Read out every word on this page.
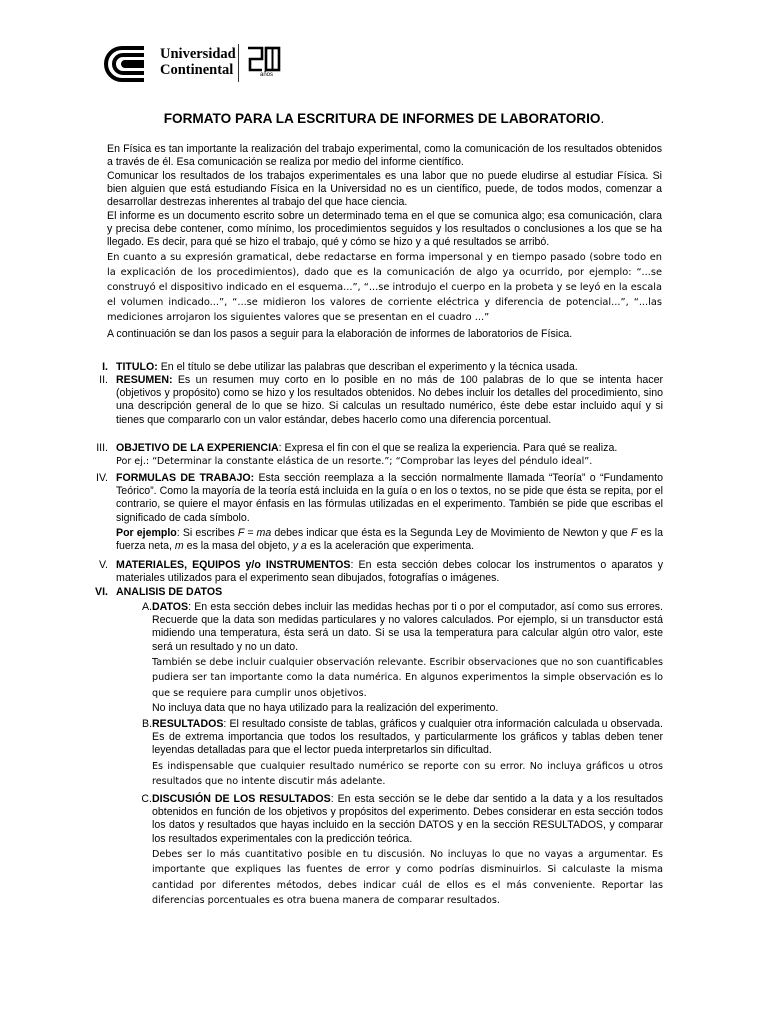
Universidad
Continental	años
FORMATO PARA LA ESCRITURA DE INFORMES DE LABORATORIO.

En Física es tan importante la realización del trabajo experimental, como la comunicación de los resultados obtenidos a través de él. Esa comunicación se realiza por medio del informe científico.

Comunicar los resultados de los trabajos experimentales es una labor que no puede eludirse al estudiar Física. Si bien alguien que está estudiando Física en la Universidad no es un científico, puede, de todos modos, comenzar a desarrollar destrezas inherentes al trabajo del que hace ciencia.

El informe es un documento escrito sobre un determinado tema en el que se comunica algo; esa comunicación, clara y precisa debe contener, como mínimo, los procedimientos seguidos y los resultados o conclusiones a los que se ha llegado. Es decir, para qué se hizo el trabajo, qué y cómo se hizo y a qué resultados se arribó.

En cuanto a su expresión gramatical, debe redactarse en forma impersonal y en tiempo pasado (sobre todo en la explicación de los procedimientos), dado que es la comunicación de algo ya ocurrido, por ejemplo: “...se construyó el dispositivo indicado en el esquema...”, “...se introdujo el cuerpo en la probeta y se leyó en la escala el volumen indicado...”, “...se midieron los valores de corriente eléctrica y diferencia de potencial...”, “...las mediciones arrojaron los siguientes valores que se presentan en el cuadro ...”

A continuación se dan los pasos a seguir para la elaboración de informes de laboratorios de Física.

I. TITULO: En el título se debe utilizar las palabras que describan el experimento y la técnica usada.
II. RESUMEN: Es un resumen muy corto en lo posible en no más de 100 palabras de lo que se intenta hacer (objetivos y propósito) como se hizo y los resultados obtenidos. No debes incluir los detalles del procedimiento, sino una descripción general de lo que se hizo. Si calculas un resultado numérico, éste debe estar incluido aquí y si tienes que compararlo con un valor estándar, debes hacerlo como una diferencia porcentual.
III. OBJETIVO DE LA EXPERIENCIA: Expresa el fin con el que se realiza la experiencia. Para qué se realiza.
Por ej.: “Determinar la constante elástica de un resorte.”; “Comprobar las leyes del péndulo ideal”.
IV. FORMULAS DE TRABAJO: Esta sección reemplaza a la sección normalmente llamada “Teoría” o “Fundamento Teórico”. Como la mayoría de la teoría está incluida en la guía o en los o textos, no se pide que ésta se repita, por el contrario, se quiere el mayor énfasis en las fórmulas utilizadas en el experimento. También se pide que escribas el significado de cada símbolo.
Por ejemplo: Si escribes F = ma debes indicar que ésta es la Segunda Ley de Movimiento de Newton y que F es la fuerza neta, m es la masa del objeto, y a es la aceleración que experimenta.
V. MATERIALES, EQUIPOS y/o INSTRUMENTOS: En esta sección debes colocar los instrumentos o aparatos y materiales utilizados para el experimento sean dibujados, fotografías o imágenes.
VI. ANALISIS DE DATOS
A. DATOS: En esta sección debes incluir las medidas hechas por ti o por el computador, así como sus errores. Recuerde que la data son medidas particulares y no valores calculados. Por ejemplo, si un transductor está midiendo una temperatura, ésta será un dato. Si se usa la temperatura para calcular algún otro valor, este será un resultado y no un dato.
También se debe incluir cualquier observación relevante. Escribir observaciones que no son cuantificables pudiera ser tan importante como la data numérica. En algunos experimentos la simple observación es lo que se requiere para cumplir unos objetivos.
No incluya data que no haya utilizado para la realización del experimento.
B. RESULTADOS: El resultado consiste de tablas, gráficos y cualquier otra información calculada u observada. Es de extrema importancia que todos los resultados, y particularmente los gráficos y tablas deben tener leyendas detalladas para que el lector pueda interpretarlos sin dificultad.
Es indispensable que cualquier resultado numérico se reporte con su error. No incluya gráficos u otros resultados que no intente discutir más adelante.
C. DISCUSIÓN DE LOS RESULTADOS: En esta sección se le debe dar sentido a la data y a los resultados obtenidos en función de los objetivos y propósitos del experimento. Debes considerar en esta sección todos los datos y resultados que hayas incluido en la sección DATOS y en la sección RESULTADOS, y comparar los resultados experimentales con la predicción teórica.
Debes ser lo más cuantitativo posible en tu discusión. No incluyas lo que no vayas a argumentar. Es importante que expliques las fuentes de error y como podrías disminuirlos. Si calculaste la misma cantidad por diferentes métodos, debes indicar cuál de ellos es el más conveniente. Reportar las diferencias porcentuales es otra buena manera de comparar resultados.
